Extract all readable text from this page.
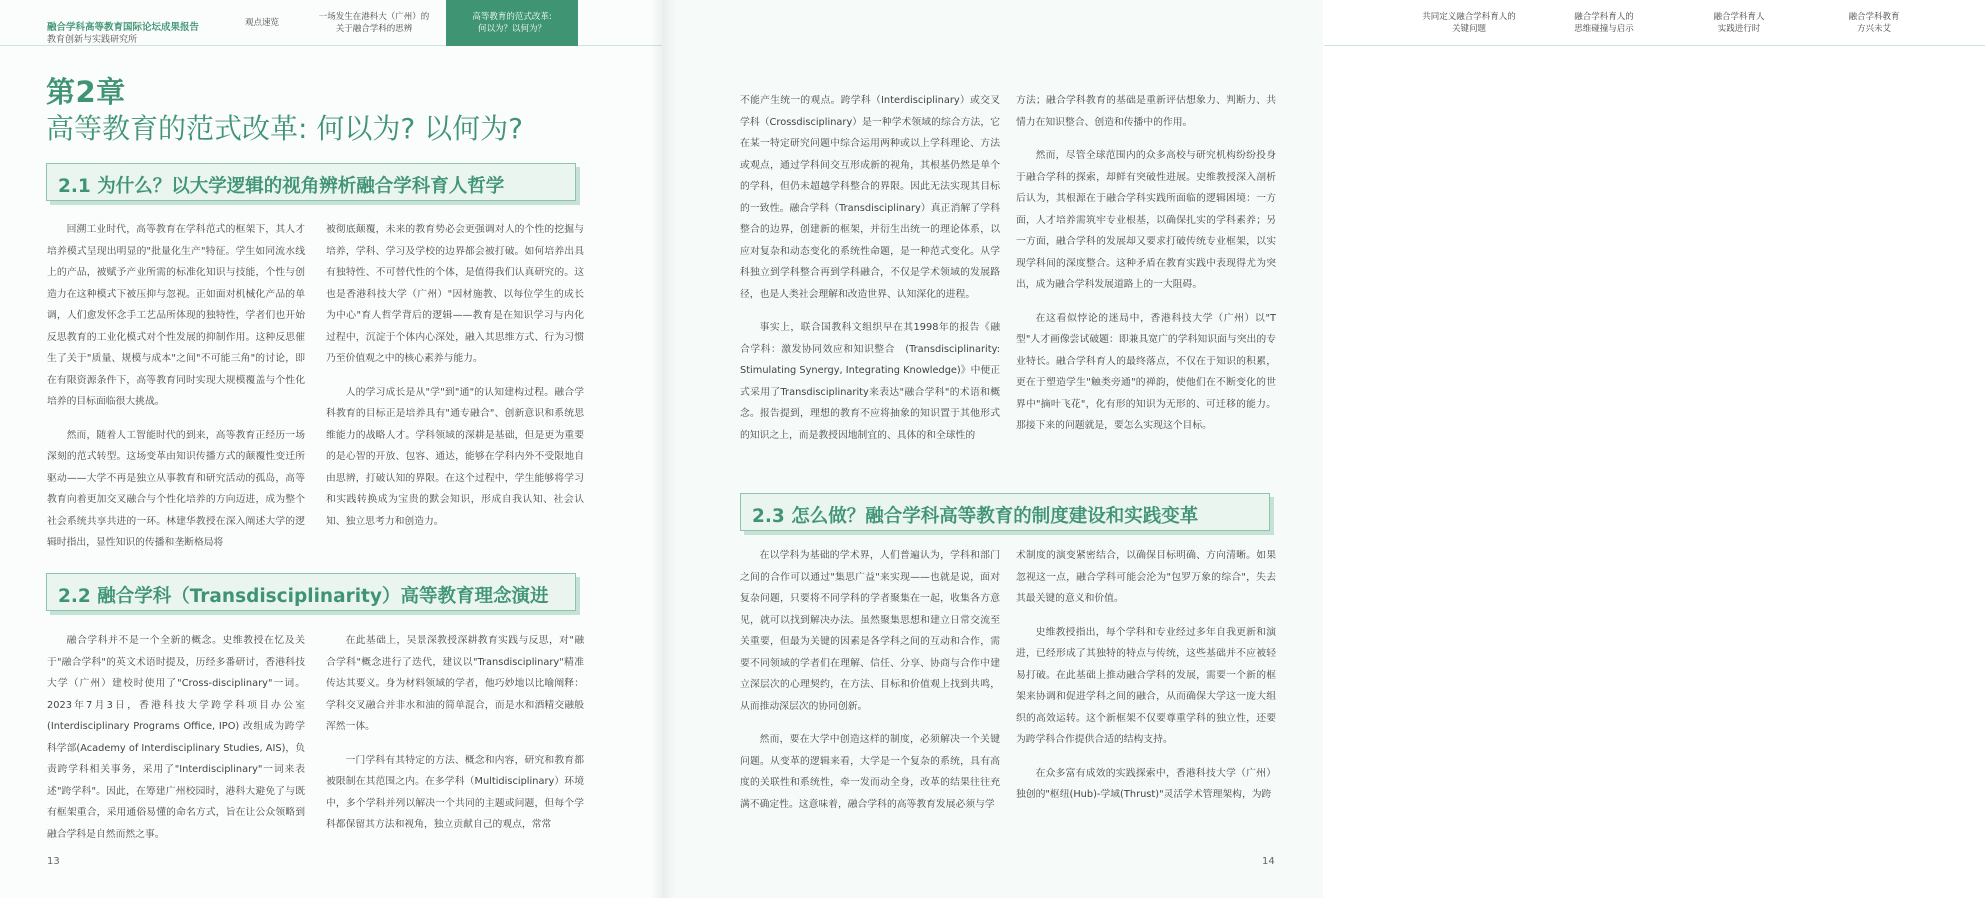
融合学科高等教育国际论坛成果报告
教育创新与实践研究所
观点速览
一场发生在港科大（广州）的
关于融合学科的思辨
高等教育的范式改革:
何以为？以何为？
第2章
高等教育的范式改革: 何以为? 以何为?
2.1 为什么？以大学逻辑的视角辨析融合学科育人哲学

回溯工业时代，高等教育在学科范式的框架下，其人才培养模式呈现出明显的"批量化生产"特征。学生如同流水线上的产品，被赋予产业所需的标准化知识与技能，个性与创造力在这种模式下被压抑与忽视。正如面对机械化产品的单调，人们愈发怀念手工艺品所体现的独特性，学者们也开始反思教育的工业化模式对个性发展的抑制作用。这种反思催生了关于"质量、规模与成本"之间"不可能三角"的讨论，即在有限资源条件下，高等教育同时实现大规模覆盖与个性化培养的目标面临很大挑战。

然而，随着人工智能时代的到来，高等教育正经历一场深刻的范式转型。这场变革由知识传播方式的颠覆性变迁所驱动——大学不再是独立从事教育和研究活动的孤岛，高等教育向着更加交叉融合与个性化培养的方向迈进，成为整个社会系统共享共进的一环。林建华教授在深入阐述大学的逻辑时指出，显性知识的传播和垄断格局将

被彻底颠覆，未来的教育势必会更强调对人的个性的挖掘与培养，学科、学习及学校的边界都会被打破。如何培养出具有独特性、不可替代性的个体，是值得我们认真研究的。这也是香港科技大学（广州）"因材施教、以每位学生的成长为中心"育人哲学背后的逻辑——教育是在知识学习与内化过程中，沉淀于个体内心深处，融入其思维方式、行为习惯乃至价值观之中的核心素养与能力。

人的学习成长是从"学"到"通"的认知建构过程。融合学科教育的目标正是培养具有"通专融合"、创新意识和系统思维能力的战略人才。学科领域的深耕是基础，但是更为重要的是心智的开放、包容、通达，能够在学科内外不受限地自由思辨，打破认知的界限。在这个过程中，学生能够将学习和实践转换成为宝贵的默会知识，形成自我认知、社会认知、独立思考力和创造力。

2.2 融合学科（Transdisciplinarity）高等教育理念演进

融合学科并不是一个全新的概念。史维教授在忆及关于"融合学科"的英文术语时提及，历经多番研讨，香港科技大学（广州）建校时使用了"Cross-disciplinary"一词。2023年7月3日，香港科技大学跨学科项目办公室(Interdisciplinary Programs Office, IPO) 改组成为跨学科学部(Academy of Interdisciplinary Studies, AIS)，负责跨学科相关事务，采用了"Interdisciplinary"一词来表述"跨学科"。因此，在筹建广州校园时，港科大避免了与既有框架重合，采用通俗易懂的命名方式，旨在让公众领略到融合学科是自然而然之事。

在此基础上，吴景深教授深耕教育实践与反思，对"融合学科"概念进行了迭代，建议以"Transdisciplinary"精准传达其要义。身为材料领域的学者，他巧妙地以比喻阐释：学科交叉融合并非水和油的简单混合，而是水和酒精交融般浑然一体。

一门学科有其特定的方法、概念和内容，研究和教育都被限制在其范围之内。在多学科（Multidisciplinary）环境中，多个学科并列以解决一个共同的主题或问题，但每个学科都保留其方法和视角，独立贡献自己的观点，常常

13
共同定义融合学科育人的
关键问题
融合学科育人的
思维碰撞与启示
融合学科育人
实践进行时
融合学科教育
方兴未艾

不能产生统一的观点。跨学科（Interdisciplinary）或交叉学科（Crossdisciplinary）是一种学术领域的综合方法，它在某一特定研究问题中综合运用两种或以上学科理论、方法或观点，通过学科间交互形成新的视角，其根基仍然是单个的学科，但仍未超越学科整合的界限。因此无法实现其目标的一致性。融合学科（Transdisciplinary）真正消解了学科整合的边界，创建新的框架，并衍生出统一的理论体系，以应对复杂和动态变化的系统性命题，是一种范式变化。从学科独立到学科整合再到学科融合，不仅是学术领域的发展路径，也是人类社会理解和改造世界、认知深化的进程。

事实上，联合国教科文组织早在其1998年的报告《融合学科：激发协同效应和知识整合　(Transdisciplinarity: Stimulating Synergy, Integrating Knowledge)》中便正式采用了Transdisciplinarity来表达"融合学科"的术语和概念。报告提到，理想的教育不应将抽象的知识置于其他形式的知识之上，而是教授因地制宜的、具体的和全球性的

方法；融合学科教育的基础是重新评估想象力、判断力、共情力在知识整合、创造和传播中的作用。

然而，尽管全球范围内的众多高校与研究机构纷纷投身于融合学科的探索，却鲜有突破性进展。史维教授深入剖析后认为，其根源在于融合学科实践所面临的逻辑困境：一方面，人才培养需筑牢专业根基，以确保扎实的学科素养；另一方面，融合学科的发展却又要求打破传统专业框架，以实现学科间的深度整合。这种矛盾在教育实践中表现得尤为突出，成为融合学科发展道路上的一大阻碍。

在这看似悖论的迷局中，香港科技大学（广州）以"T型"人才画像尝试破题：即兼具宽广的学科知识面与突出的专业特长。融合学科育人的最终落点，不仅在于知识的积累，更在于塑造学生"触类旁通"的禅韵，使他们在不断变化的世界中"摘叶飞花"，化有形的知识为无形的、可迁移的能力。那接下来的问题就是，要怎么实现这个目标。

2.3 怎么做？融合学科高等教育的制度建设和实践变革

在以学科为基础的学术界，人们普遍认为，学科和部门之间的合作可以通过"集思广益"来实现——也就是说，面对复杂问题，只要将不同学科的学者聚集在一起，收集各方意见，就可以找到解决办法。虽然聚集思想和建立日常交流至关重要，但最为关键的因素是各学科之间的互动和合作，需要不同领域的学者们在理解、信任、分享、协商与合作中建立深层次的心理契约，在方法、目标和价值观上找到共鸣，从而推动深层次的协同创新。

然而，要在大学中创造这样的制度，必须解决一个关键问题。从变革的逻辑来看，大学是一个复杂的系统，具有高度的关联性和系统性，牵一发而动全身，改革的结果往往充满不确定性。这意味着，融合学科的高等教育发展必须与学

术制度的演变紧密结合，以确保目标明确、方向清晰。如果忽视这一点，融合学科可能会沦为"包罗万象的综合"，失去其最关键的意义和价值。

史维教授指出，每个学科和专业经过多年自我更新和演进，已经形成了其独特的特点与传统，这些基础并不应被轻易打破。在此基础上推动融合学科的发展，需要一个新的框架来协调和促进学科之间的融合，从而确保大学这一庞大组织的高效运转。这个新框架不仅要尊重学科的独立性，还要为跨学科合作提供合适的结构支持。

在众多富有成效的实践探索中，香港科技大学（广州）独创的"枢纽(Hub)-学域(Thrust)"灵活学术管理架构，为跨

14
